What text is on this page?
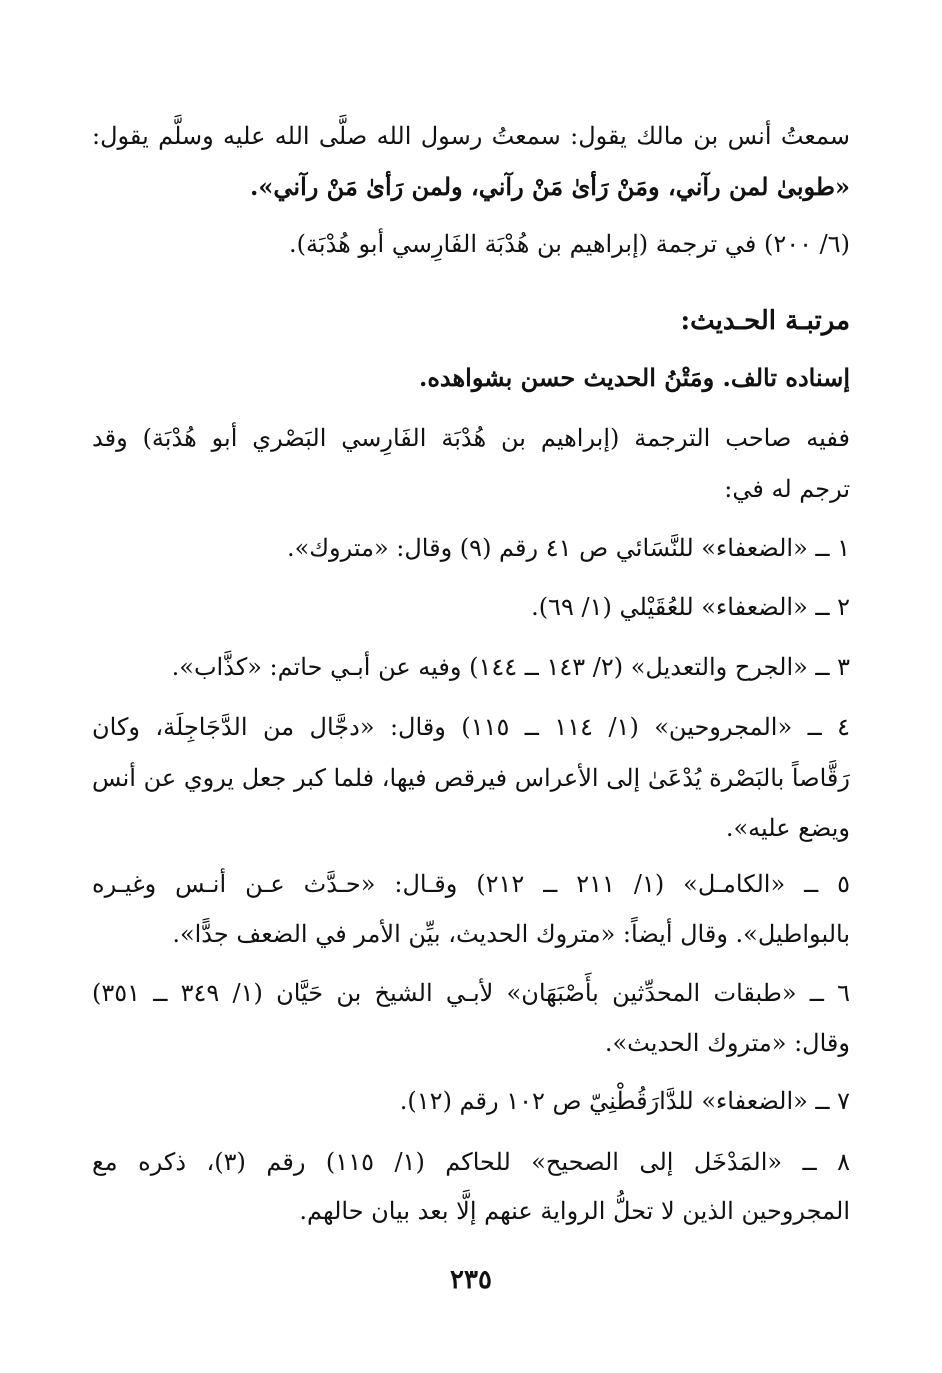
سمعتُ أنس بن مالك يقول: سمعتُ رسول الله صلَّى الله عليه وسلَّم يقول:
«طوبىٰ لمن رآني، ومَنْ رَأىٰ مَنْ رآني، ولمن رَأىٰ مَنْ رآني».
(٦/ ٢٠٠) في ترجمة (إبراهيم بن هُدْبَة الفَارِسي أبو هُدْبَة).
مرتبـة الحـديث:
إسناده تالف. ومَتْنُ الحديث حسن بشواهده.
ففيه صاحب الترجمة (إبراهيم بن هُدْبَة الفَارِسي البَصْري أبو هُدْبَة) وقد
ترجم له في:
١ ــ «الضعفاء» للنَّسَائي ص ٤١ رقم (٩) وقال: «متروك».
٢ ــ «الضعفاء» للعُقَيْلي (١/ ٦٩).
٣ ــ «الجرح والتعديل» (٢/ ١٤٣ ــ ١٤٤) وفيه عن أبـي حاتم: «كذَّاب».
٤ ــ «المجروحين» (١/ ١١٤ ــ ١١٥) وقال: «دجَّال من الدَّجَاجِلَة، وكان
رَقَّاصاً بالبَصْرة يُدْعَىٰ إلى الأعراس فيرقص فيها، فلما كبر جعل يروي عن أنس
ويضع عليه».
٥ ــ «الكامـل» (١/ ٢١١ ــ ٢١٢) وقـال: «حـدَّث عـن أنـس وغيـره
بالبواطيل». وقال أيضاً: «متروك الحديث، بيِّن الأمر في الضعف جدًّا».
٦ ــ «طبقات المحدِّثين بأَصْبَهَان» لأبـي الشيخ بن حَيَّان (١/ ٣٤٩ ــ ٣٥١)
وقال: «متروك الحديث».
٧ ــ «الضعفاء» للدَّارَقُطْنِيّ ص ١٠٢ رقم (١٢).
٨ ــ «المَدْخَل إلى الصحيح» للحاكم (١/ ١١٥) رقم (٣)، ذكره مع
المجروحين الذين لا تحلُّ الرواية عنهم إلَّا بعد بيان حالهم.
٢٣٥
